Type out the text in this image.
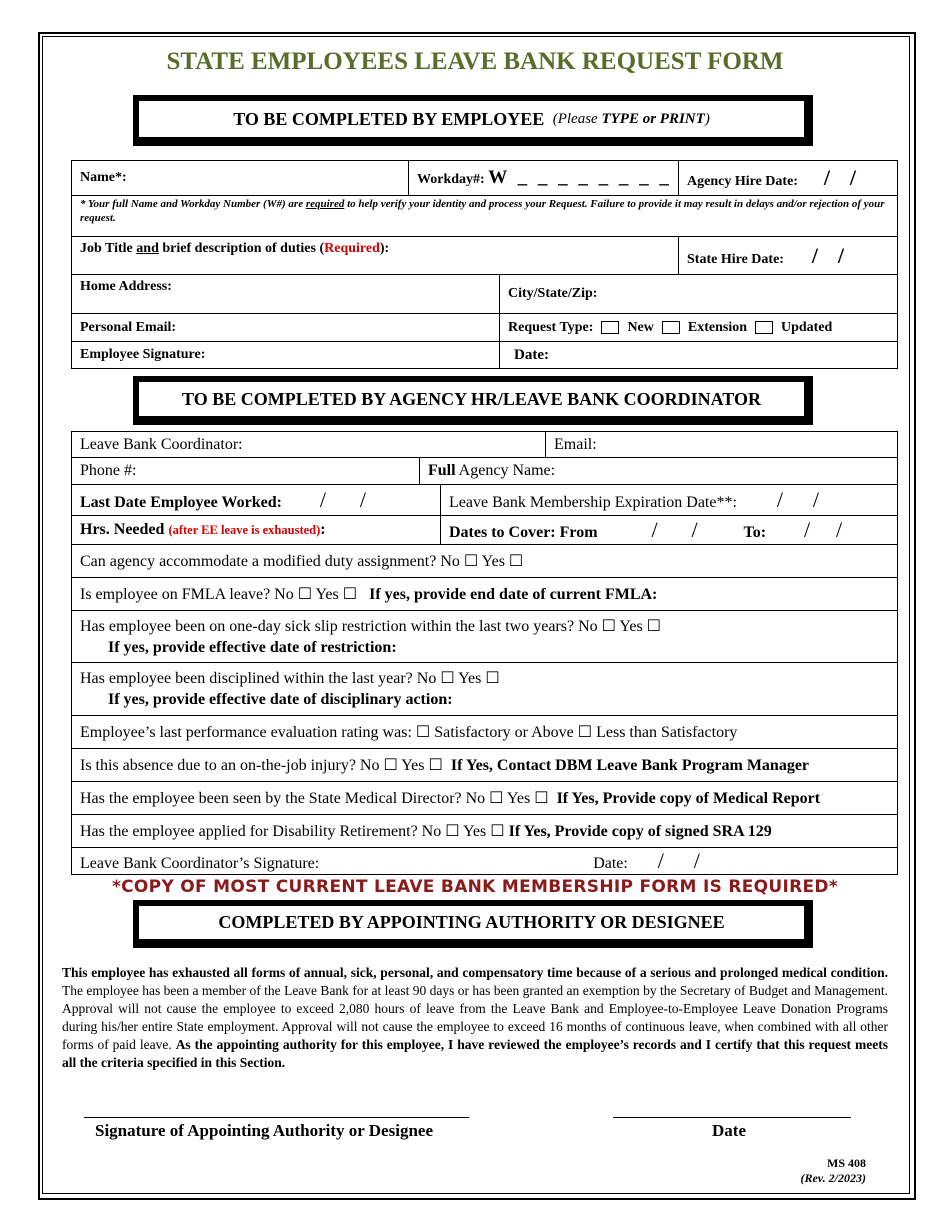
STATE EMPLOYEES LEAVE BANK REQUEST FORM
TO BE COMPLETED BY EMPLOYEE
(Please TYPE or PRINT)
Name*:	Workday#: W _ _ _ _ _ _ _ _		Agency Hire Date: / /
* Your full Name and Workday Number (W#) are required to help verify your identity and process your Request. Failure to provide it may result in delays and/or rejection of your request.			
Job Title and brief description of duties (Required):			State Hire Date: / /
Home Address:		City/State/Zip:	
Personal Email:		Request Type: New Extension Updated	
Employee Signature:		Date:	
TO BE COMPLETED BY AGENCY HR/LEAVE BANK COORDINATOR
Leave Bank Coordinator:			Email:
Phone #:	Full Agency Name:		
Last Date Employee Worked: / /		Leave Bank Membership Expiration Date**: / /	
Hrs. Needed (after EE leave is exhausted):		Dates to Cover: From / / To: / /	
Can agency accommodate a modified duty assignment? No ☐ Yes ☐			
Is employee on FMLA leave? No ☐ Yes ☐ If yes, provide end date of current FMLA:			
Has employee been on one-day sick slip restriction within the last two years? No ☐ Yes ☐
If yes, provide effective date of restriction:			
Has employee been disciplined within the last year? No ☐ Yes ☐
If yes, provide effective date of disciplinary action:			
Employee’s last performance evaluation rating was: ☐ Satisfactory or Above ☐ Less than Satisfactory			
Is this absence due to an on-the-job injury? No ☐ Yes ☐ If Yes, Contact DBM Leave Bank Program Manager			
Has the employee been seen by the State Medical Director? No ☐ Yes ☐ If Yes, Provide copy of Medical Report			
Has the employee applied for Disability Retirement? No ☐ Yes ☐ If Yes, Provide copy of signed SRA 129			
Leave Bank Coordinator’s Signature: Date: / /			
*COPY OF MOST CURRENT LEAVE BANK MEMBERSHIP FORM IS REQUIRED*
COMPLETED BY APPOINTING AUTHORITY OR DESIGNEE
This employee has exhausted all forms of annual, sick, personal, and compensatory time because of a serious and prolonged medical condition. The employee has been a member of the Leave Bank for at least 90 days or has been granted an exemption by the Secretary of Budget and Management. Approval will not cause the employee to exceed 2,080 hours of leave from the Leave Bank and Employee-to-Employee Leave Donation Programs during his/her entire State employment. Approval will not cause the employee to exceed 16 months of continuous leave, when combined with all other forms of paid leave. As the appointing authority for this employee, I have reviewed the employee’s records and I certify that this request meets all the criteria specified in this Section.
Signature of Appointing Authority or Designee	Date
MS 408
(Rev. 2/2023)
